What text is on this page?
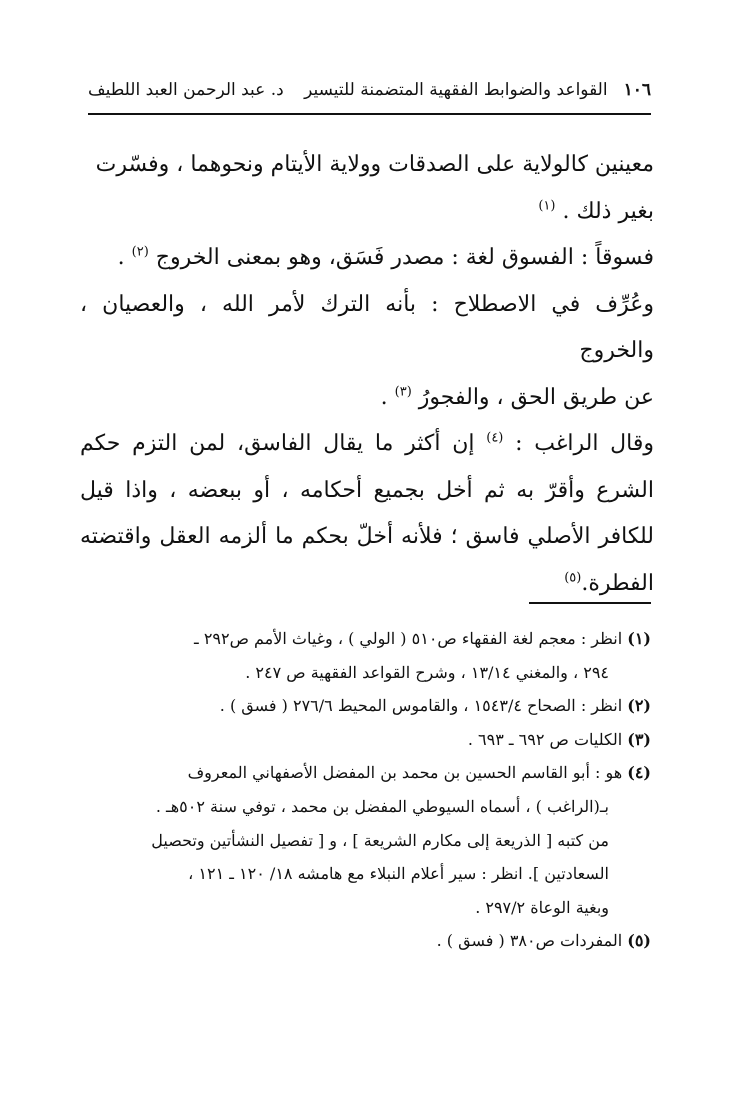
١٠٦
القواعد والضوابط الفقهية المتضمنة للتيسير
د. عبد الرحمن العبد اللطيف

معينين كالولاية على الصدقات وولاية الأيتام ونحوهما ، وفسّرت
بغير ذلك . $^{(١)}$

فسوقاً : الفسوق لغة : مصدر فَسَق، وهو بمعنى الخروج $^{(٢)}$ .

وعُرِّف في الاصطلاح : بأنه الترك لأمر الله ، والعصيان ، والخروج
عن طريق الحق ، والفجورُ $^{(٣)}$ .

وقال الراغب : $^{(٤)}$ إن أكثر ما يقال الفاسق، لمن التزم حكم الشرع وأقرّ به ثم أخل بجميع أحكامه ، أو ببعضه ، واذا قيل للكافر الأصلي فاسق ؛ فلأنه أخلّ بحكم ما ألزمه العقل واقتضته الفطرة.$^{(٥)}$

(١) انظر : معجم لغة الفقهاء ص٥١٠ ( الولي ) ، وغياث الأمم ص٢٩٢ ـ
٢٩٤ ، والمغني ١٣/١٤ ، وشرح القواعد الفقهية ص ٢٤٧ .

(٢) انظر : الصحاح ١٥٤٣/٤ ، والقاموس المحيط ٢٧٦/٦ ( فسق ) .

(٣) الكليات ص ٦٩٢ ـ ٦٩٣ .

(٤) هو : أبو القاسم الحسين بن محمد بن المفضل الأصفهاني المعروف
بـ(الراغب ) ، أسماه السيوطي المفضل بن محمد ، توفي سنة ٥٠٢هـ .
من كتبه [ الذريعة إلى مكارم الشريعة ] ، و [ تفصيل النشأتين وتحصيل
السعادتين ]. انظر : سير أعلام النبلاء مع هامشه ١٨/ ١٢٠ ـ ١٢١ ،
وبغية الوعاة ٢٩٧/٢ .

(٥) المفردات ص٣٨٠ ( فسق ) .
